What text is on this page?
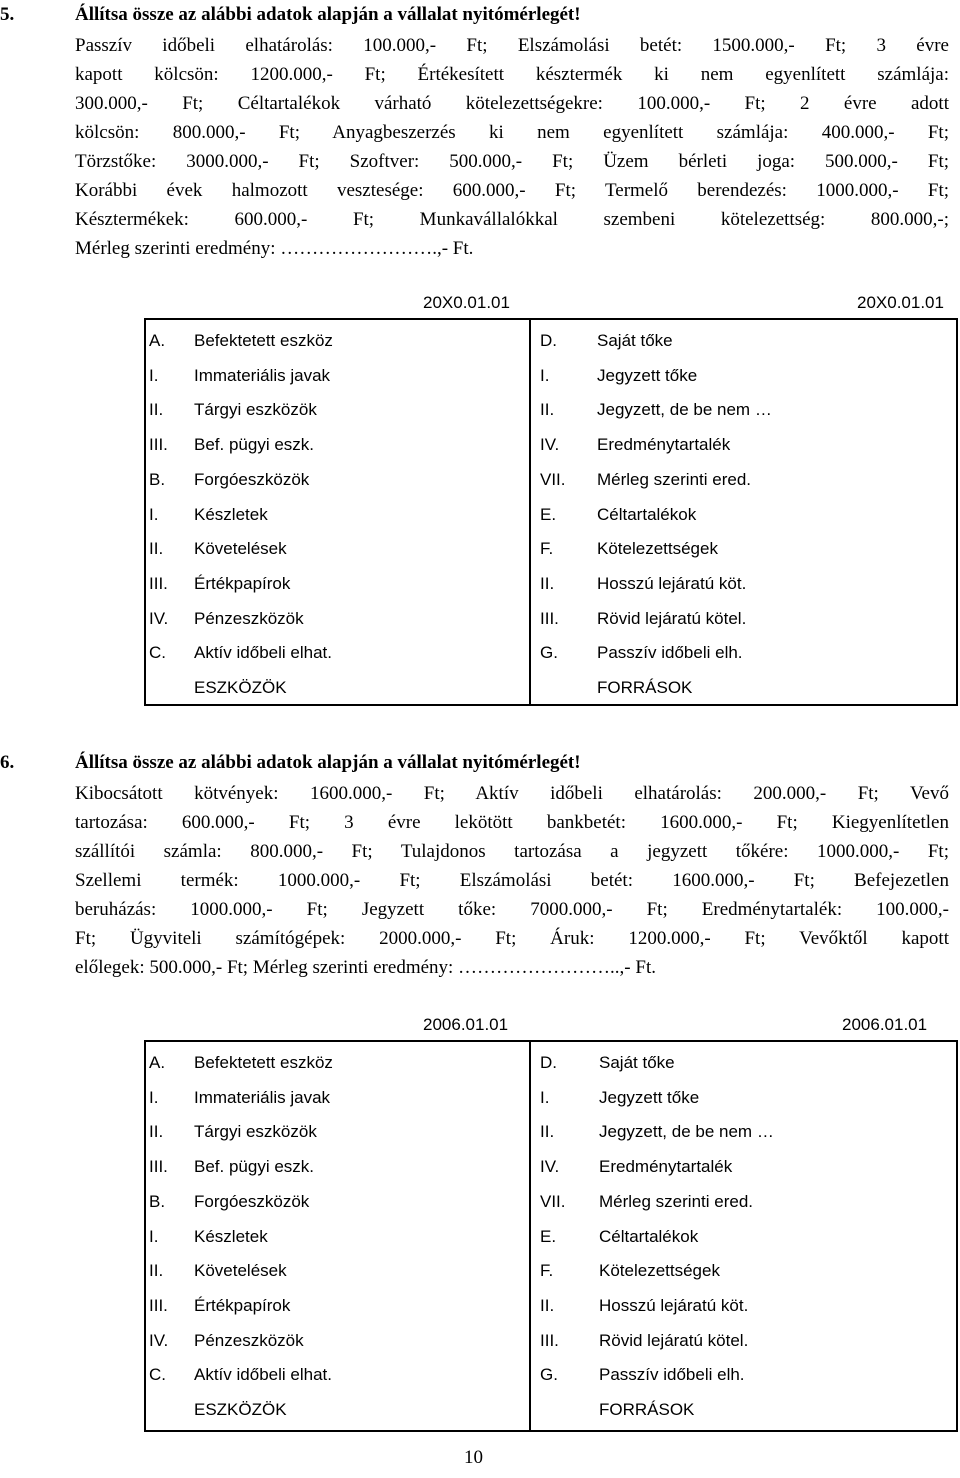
5.	Állítsa össze az alábbi adatok alapján a vállalat nyitómérlegét!
Passzív időbeli elhatárolás: 100.000,- Ft; Elszámolási betét: 1500.000,- Ft; 3 évre
kapott kölcsön: 1200.000,- Ft; Értékesített késztermék ki nem egyenlített számlája:
300.000,- Ft; Céltartalékok várható kötelezettségekre: 100.000,- Ft; 2 évre adott
kölcsön: 800.000,- Ft; Anyagbeszerzés ki nem egyenlített számlája: 400.000,- Ft;
Törzstőke: 3000.000,- Ft; Szoftver: 500.000,- Ft; Üzem bérleti joga: 500.000,- Ft;
Korábbi évek halmozott vesztesége: 600.000,- Ft; Termelő berendezés: 1000.000,- Ft;
Késztermékek: 600.000,- Ft; Munkavállalókkal szembeni kötelezettség: 800.000,-;
Mérleg szerinti eredmény: …………………….,- Ft.
20X0.01.01	20X0.01.01
A. Befektetett eszköz	D. Saját tőke
I. Immateriális javak	I.	Jegyzett tőke
II. Tárgyi eszközök	II.	Jegyzett, de be nem …
III. Bef. pügyi eszk.	IV. Eredménytartalék
B. Forgóeszközök	VII. Mérleg szerinti ered.
I. Készletek	E. Céltartalékok
II. Követelések	F.	Kötelezettségek
III. Értékpapírok	II.	Hosszú lejáratú köt.
IV. Pénzeszközök	III. Rövid lejáratú kötel.
C. Aktív időbeli elhat.	G. Passzív időbeli elh.
ESZKÖZÖK	FORRÁSOK
6.	Állítsa össze az alábbi adatok alapján a vállalat nyitómérlegét!
Kibocsátott kötvények: 1600.000,- Ft; Aktív időbeli elhatárolás: 200.000,- Ft; Vevő
tartozása: 600.000,- Ft; 3 évre lekötött bankbetét: 1600.000,- Ft; Kiegyenlítetlen
szállítói számla: 800.000,- Ft; Tulajdonos tartozása a jegyzett tőkére: 1000.000,- Ft;
Szellemi termék: 1000.000,- Ft; Elszámolási betét: 1600.000,- Ft; Befejezetlen
beruházás: 1000.000,- Ft; Jegyzett tőke: 7000.000,- Ft; Eredménytartalék: 100.000,-
Ft; Ügyviteli számítógépek: 2000.000,- Ft; Áruk: 1200.000,- Ft; Vevőktől kapott
előlegek: 500.000,- Ft; Mérleg szerinti eredmény: ……………………..,- Ft.
2006.01.01	2006.01.01
A. Befektetett eszköz	D. Saját tőke
I. Immateriális javak	I.	Jegyzett tőke
II. Tárgyi eszközök	II.	Jegyzett, de be nem …
III. Bef. pügyi eszk.	IV. Eredménytartalék
B. Forgóeszközök	VII. Mérleg szerinti ered.
I. Készletek	E.	Céltartalékok
II. Követelések	F.	Kötelezettségek
III. Értékpapírok	II.	Hosszú lejáratú köt.
IV. Pénzeszközök	III. Rövid lejáratú kötel.
C. Aktív időbeli elhat.	G. Passzív időbeli elh.
ESZKÖZÖK	FORRÁSOK
10
